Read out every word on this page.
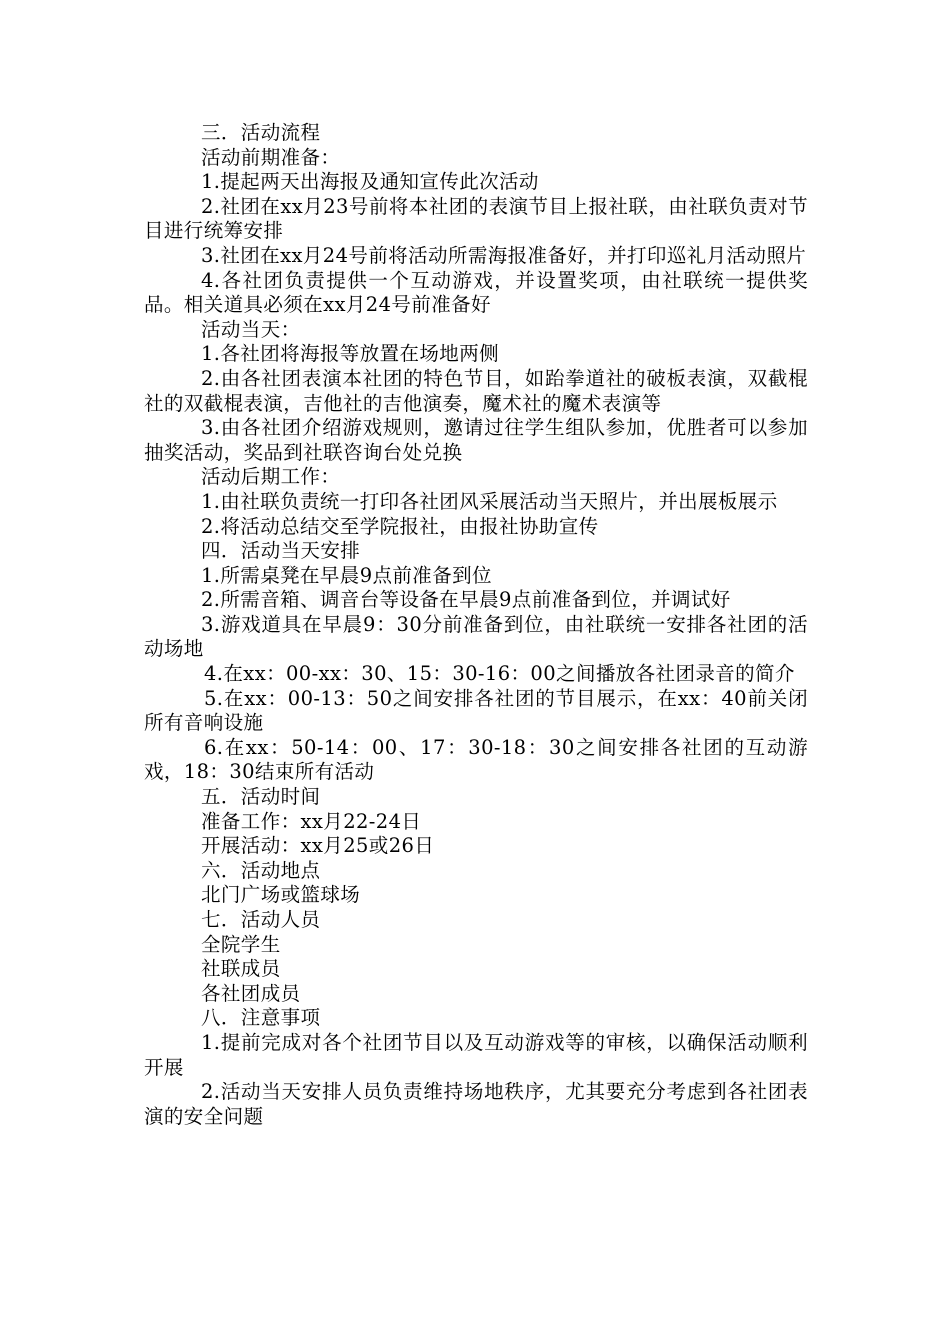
三．活动流程

活动前期准备：

1.提起两天出海报及通知宣传此次活动

2.社团在xx月23号前将本社团的表演节目上报社联，由社联负责对节目进行统筹安排

3.社团在xx月24号前将活动所需海报准备好，并打印巡礼月活动照片

4.各社团负责提供一个互动游戏，并设置奖项，由社联统一提供奖品。相关道具必须在xx月24号前准备好

活动当天：

1.各社团将海报等放置在场地两侧

2.由各社团表演本社团的特色节目，如跆拳道社的破板表演，双截棍社的双截棍表演，吉他社的吉他演奏，魔术社的魔术表演等

3.由各社团介绍游戏规则，邀请过往学生组队参加，优胜者可以参加抽奖活动，奖品到社联咨询台处兑换

活动后期工作：

1.由社联负责统一打印各社团风采展活动当天照片，并出展板展示

2.将活动总结交至学院报社，由报社协助宣传

四．活动当天安排

1.所需桌凳在早晨9点前准备到位

2.所需音箱、调音台等设备在早晨9点前准备到位，并调试好

3.游戏道具在早晨9：30分前准备到位，由社联统一安排各社团的活动场地

4.在xx：00-xx：30、15：30-16：00之间播放各社团录音的简介

5.在xx：00-13：50之间安排各社团的节目展示，在xx：40前关闭所有音响设施

6.在xx：50-14：00、17：30-18：30之间安排各社团的互动游戏，18：30结束所有活动

五．活动时间

准备工作：xx月22-24日

开展活动：xx月25或26日

六．活动地点

北门广场或篮球场

七．活动人员

全院学生

社联成员

各社团成员

八．注意事项

1.提前完成对各个社团节目以及互动游戏等的审核，以确保活动顺利开展

2.活动当天安排人员负责维持场地秩序，尤其要充分考虑到各社团表演的安全问题
